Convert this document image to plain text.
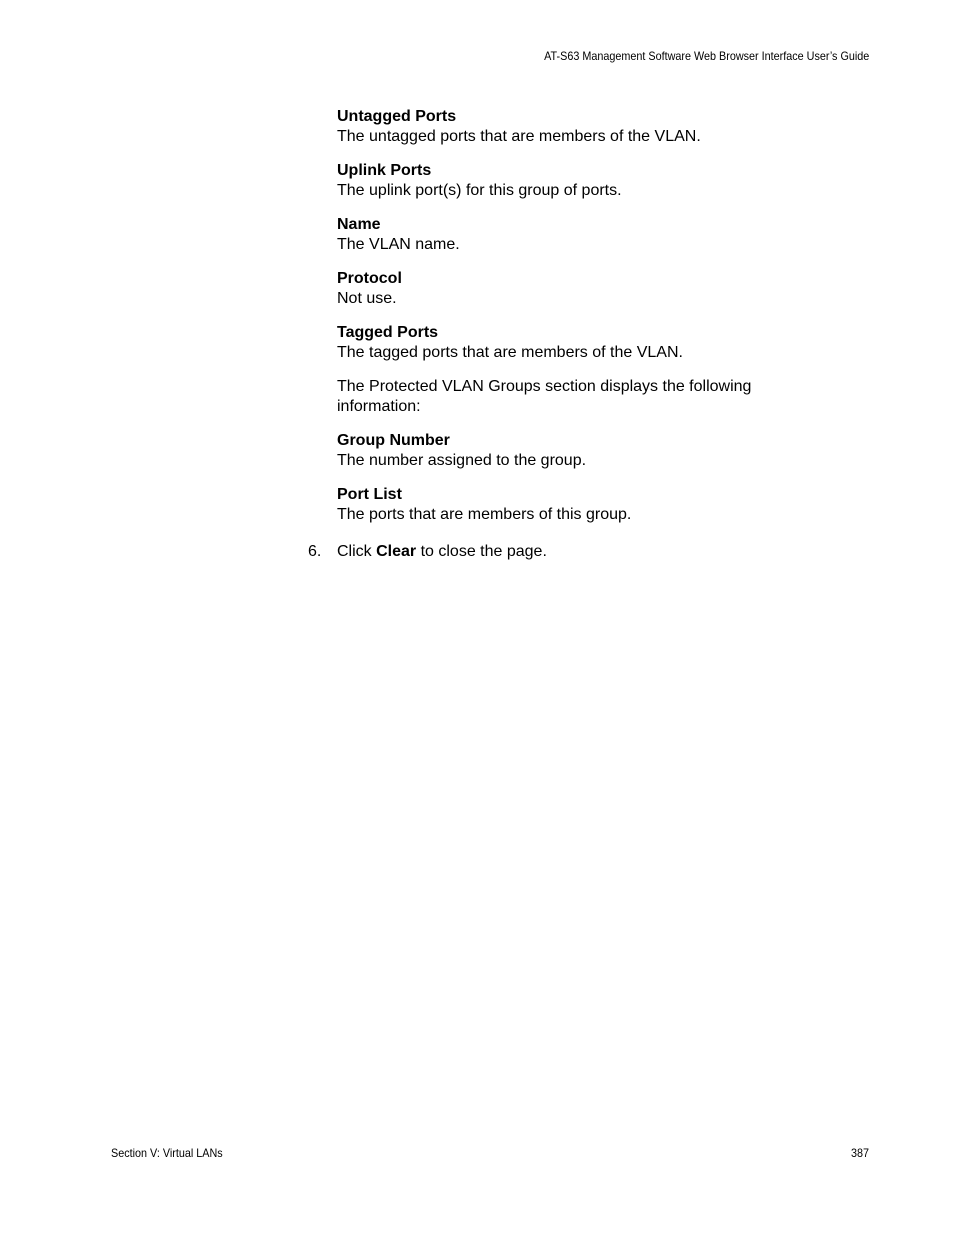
AT-S63 Management Software Web Browser Interface User’s Guide
Untagged Ports
The untagged ports that are members of the VLAN.
Uplink Ports
The uplink port(s) for this group of ports.
Name
The VLAN name.
Protocol
Not use.
Tagged Ports
The tagged ports that are members of the VLAN.

The Protected VLAN Groups section displays the following information:

Group Number
The number assigned to the group.
Port List
The ports that are members of this group.
6. Click Clear to close the page.
Section V: Virtual LANs	387
